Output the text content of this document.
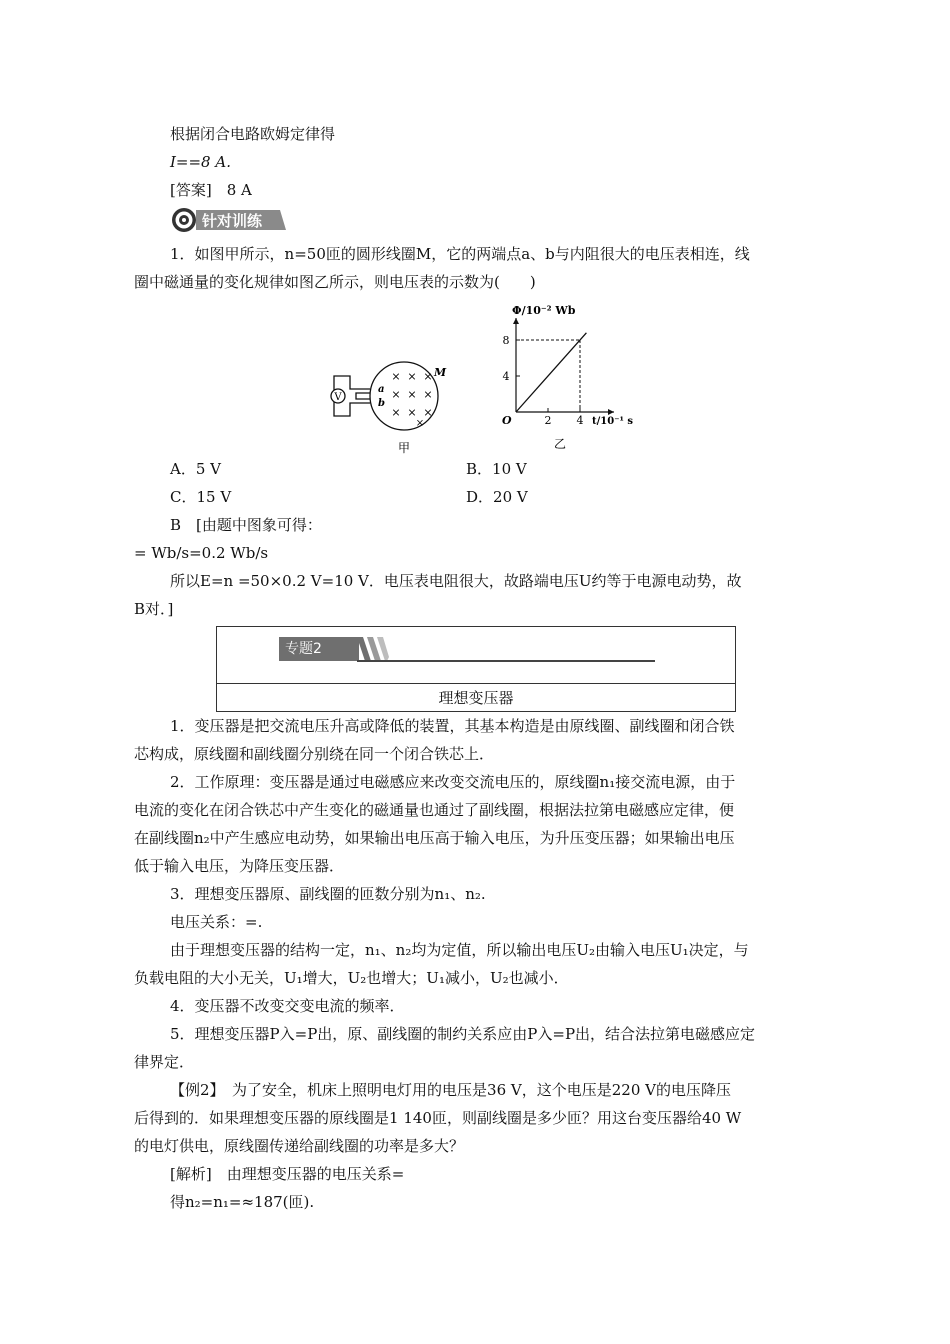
根据闭合电路欧姆定律得
I==8 A.
[答案]　8 A
针对训练
1．如图甲所示，n=50匝的圆形线圈M，它的两端点a、b与内阻很大的电压表相连，线
圈中磁通量的变化规律如图乙所示，则电压表的示数为(　　)
V
× × ×
× × ×
× × ×
×
M
a
b
甲
Φ/10⁻² Wb
t/10⁻¹ s
O	2 4
4
8
乙
A．5 V	B．10 V
C．15 V	D．20 V
B　[由题中图象可得：
= Wb/s=0.2 Wb/s
所以E=n =50×0.2 V=10 V．电压表电阻很大，故路端电压U约等于电源电动势，故
B对．]
专题2
理想变压器
1．变压器是把交流电压升高或降低的装置，其基本构造是由原线圈、副线圈和闭合铁
芯构成，原线圈和副线圈分别绕在同一个闭合铁芯上．
2．工作原理：变压器是通过电磁感应来改变交流电压的，原线圈n₁接交流电源，由于
电流的变化在闭合铁芯中产生变化的磁通量也通过了副线圈，根据法拉第电磁感应定律，便
在副线圈n₂中产生感应电动势，如果输出电压高于输入电压，为升压变压器；如果输出电压
低于输入电压，为降压变压器．
3．理想变压器原、副线圈的匝数分别为n₁、n₂.
电压关系：=.
由于理想变压器的结构一定，n₁、n₂均为定值，所以输出电压U₂由输入电压U₁决定，与
负载电阻的大小无关，U₁增大，U₂也增大；U₁减小，U₂也减小．
4．变压器不改变交变电流的频率．
5．理想变压器P入=P出，原、副线圈的制约关系应由P入=P出，结合法拉第电磁感应定
律界定．
【例2】　为了安全，机床上照明电灯用的电压是36 V，这个电压是220 V的电压降压
后得到的．如果理想变压器的原线圈是1 140匝，则副线圈是多少匝？用这台变压器给40 W
的电灯供电，原线圈传递给副线圈的功率是多大？
[解析]　由理想变压器的电压关系=
得n₂=n₁=≈187(匝).
